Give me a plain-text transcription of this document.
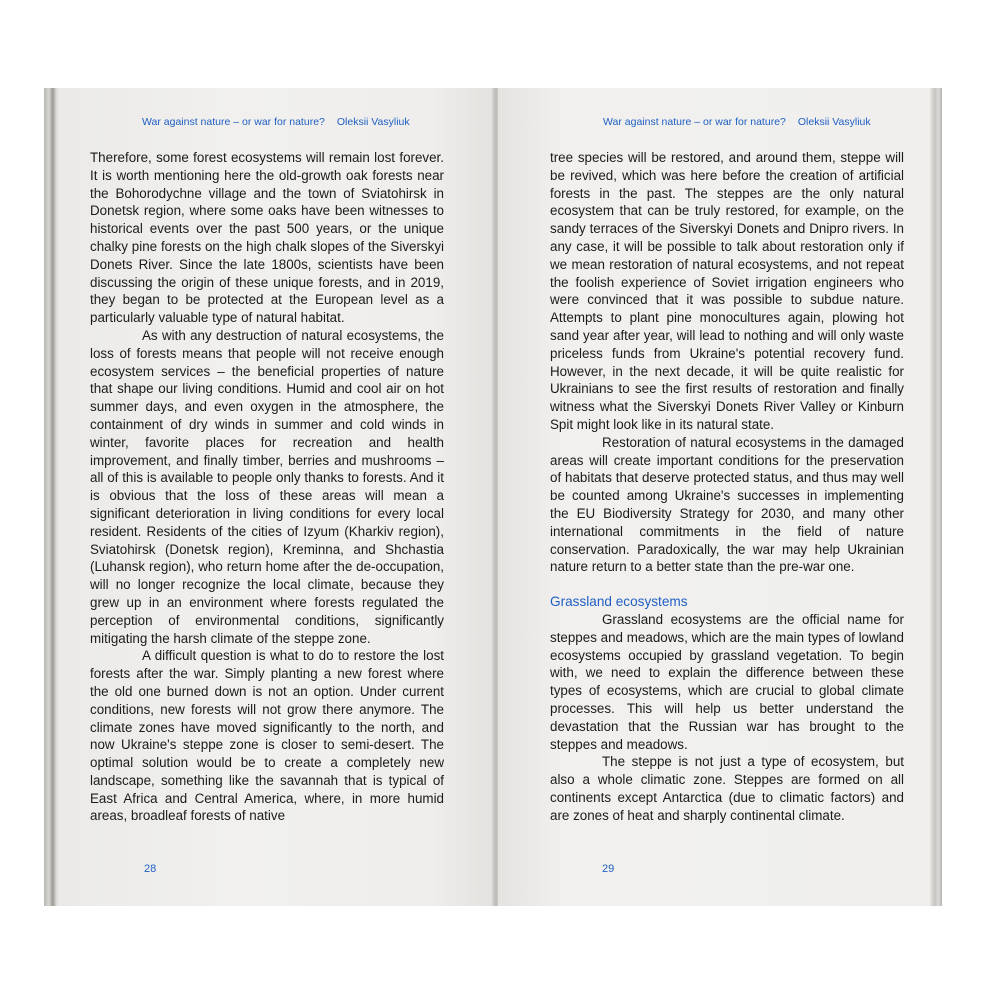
War against nature – or war for nature? Oleksii Vasyliuk

Therefore, some forest ecosystems will remain lost forever. It is worth mentioning here the old-growth oak forests near the Bohorodychne village and the town of Sviatohirsk in Donetsk region, where some oaks have been witnesses to historical events over the past 500 years, or the unique chalky pine forests on the high chalk slopes of the Siverskyi Donets River. Since the late 1800s, scientists have been discussing the origin of these unique forests, and in 2019, they began to be protected at the European level as a particularly valuable type of natural habitat.

As with any destruction of natural ecosystems, the loss of forests means that people will not receive enough ecosystem services – the beneficial properties of nature that shape our living conditions. Humid and cool air on hot summer days, and even oxygen in the atmosphere, the containment of dry winds in summer and cold winds in winter, favorite places for recreation and health improvement, and finally timber, berries and mushrooms – all of this is available to people only thanks to forests. And it is obvious that the loss of these areas will mean a significant deterioration in living conditions for every local resident. Residents of the cities of Izyum (Kharkiv region), Sviatohirsk (Donetsk region), Kreminna, and Shchastia (Luhansk region), who return home after the de-occupation, will no longer recognize the local climate, because they grew up in an environment where forests regulated the perception of environmental conditions, significantly mitigating the harsh climate of the steppe zone.

A difficult question is what to do to restore the lost forests after the war. Simply planting a new forest where the old one burned down is not an option. Under current conditions, new forests will not grow there anymore. The climate zones have moved significantly to the north, and now Ukraine's steppe zone is closer to semi-desert. The optimal solution would be to create a completely new landscape, something like the savannah that is typical of East Africa and Central America, where, in more humid areas, broadleaf forests of native

28
War against nature – or war for nature? Oleksii Vasyliuk

tree species will be restored, and around them, steppe will be revived, which was here before the creation of artificial forests in the past. The steppes are the only natural ecosystem that can be truly restored, for example, on the sandy terraces of the Siverskyi Donets and Dnipro rivers. In any case, it will be possible to talk about restoration only if we mean restoration of natural ecosystems, and not repeat the foolish experience of Soviet irrigation engineers who were convinced that it was possible to subdue nature. Attempts to plant pine monocultures again, plowing hot sand year after year, will lead to nothing and will only waste priceless funds from Ukraine's potential recovery fund. However, in the next decade, it will be quite realistic for Ukrainians to see the first results of restoration and finally witness what the Siverskyi Donets River Valley or Kinburn Spit might look like in its natural state.

Restoration of natural ecosystems in the damaged areas will create important conditions for the preservation of habitats that deserve protected status, and thus may well be counted among Ukraine's successes in implementing the EU Biodiversity Strategy for 2030, and many other international commitments in the field of nature conservation. Paradoxically, the war may help Ukrainian nature return to a better state than the pre-war one.

Grassland ecosystems

Grassland ecosystems are the official name for steppes and meadows, which are the main types of lowland ecosystems occupied by grassland vegetation. To begin with, we need to explain the difference between these types of ecosystems, which are crucial to global climate processes. This will help us better understand the devastation that the Russian war has brought to the steppes and meadows.

The steppe is not just a type of ecosystem, but also a whole climatic zone. Steppes are formed on all continents except Antarctica (due to climatic factors) and are zones of heat and sharply continental climate.

29
